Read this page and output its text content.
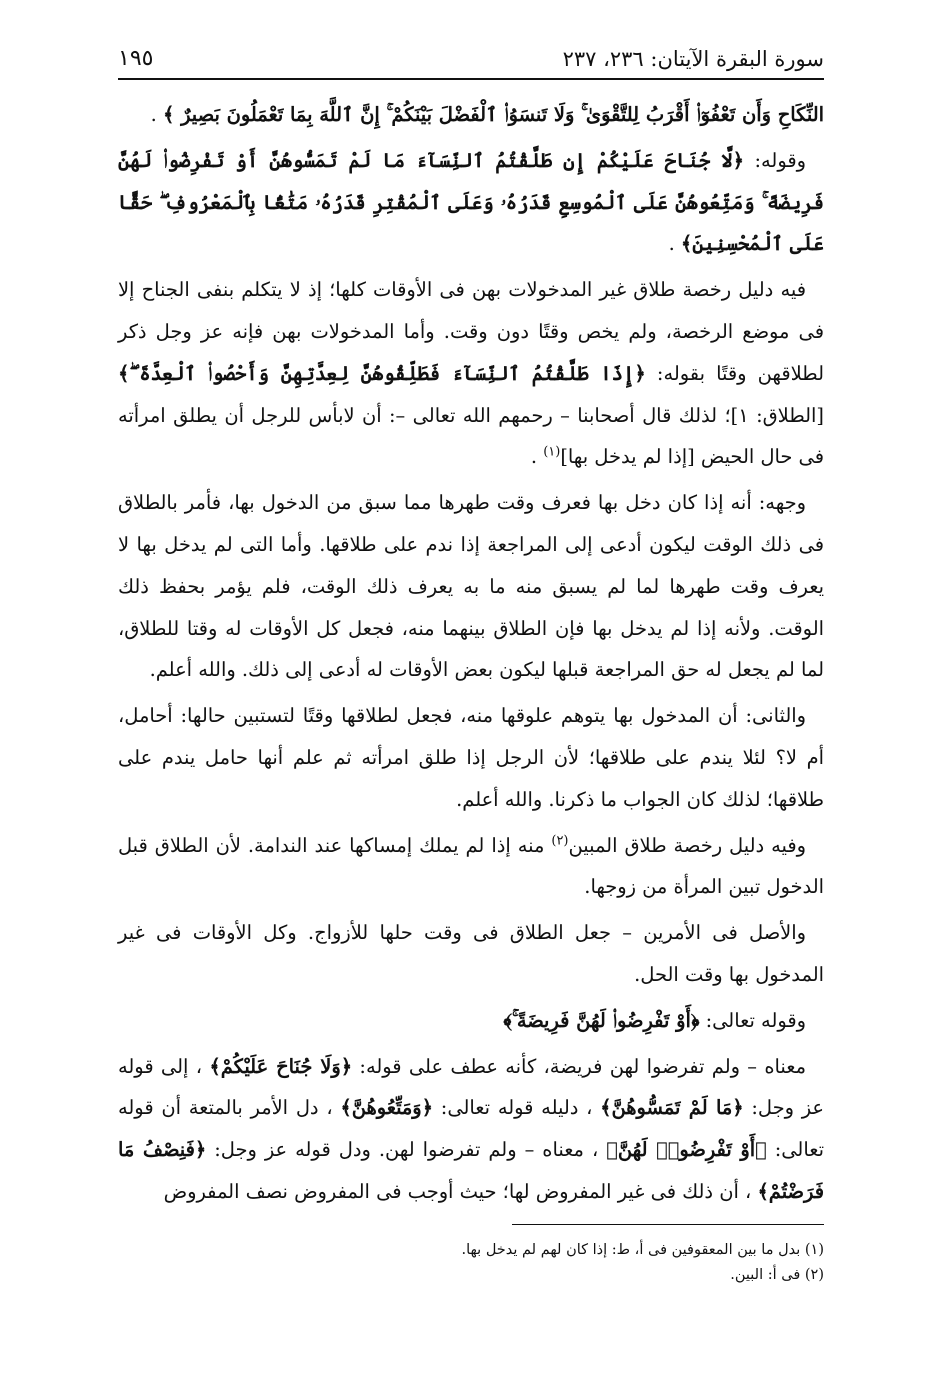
سورة البقرة الآيتان: ٢٣٦، ٢٣٧
١٩٥

النِّكَاحِ وَأَن تَعْفُوٓا۟ أَقْرَبُ لِلتَّقْوَىٰ ۚ وَلَا تَنسَوُا۟ ٱلْفَضْلَ بَيْنَكُمْ ۚ إِنَّ ٱللَّهَ بِمَا تَعْمَلُونَ بَصِيرٌ ﴾ .

وقوله: ﴿لَّا جُنَاحَ عَلَيْكُمْ إِن طَلَّقْتُمُ ٱلنِّسَآءَ مَا لَمْ تَمَسُّوهُنَّ أَوْ تَفْرِضُوا۟ لَهُنَّ فَرِيضَةً ۚ وَمَتِّعُوهُنَّ عَلَى ٱلْمُوسِعِ قَدَرُهُۥ وَعَلَى ٱلْمُقْتِرِ قَدَرُهُۥ مَتَٰعًۢا بِٱلْمَعْرُوفِ ۖ حَقًّا عَلَى ٱلْمُحْسِنِينَ﴾ .

فيه دليل رخصة طلاق غير المدخولات بهن فى الأوقات كلها؛ إذ لا يتكلم بنفى الجناح إلا فى موضع الرخصة، ولم يخص وقتًا دون وقت. وأما المدخولات بهن فإنه عز وجل ذكر لطلاقهن وقتًا بقوله: ﴿إِذَا طَلَّقْتُمُ ٱلنِّسَآءَ فَطَلِّقُوهُنَّ لِعِدَّتِهِنَّ وَأَحْصُوا۟ ٱلْعِدَّةَ ۖ﴾ [الطلاق: ١]؛ لذلك قال أصحابنا – رحمهم الله تعالى –: أن لابأس للرجل أن يطلق امرأته فى حال الحيض [إذا لم يدخل بها]$^{(١)}$ .

وجهه: أنه إذا كان دخل بها فعرف وقت طهرها مما سبق من الدخول بها، فأمر بالطلاق فى ذلك الوقت ليكون أدعى إلى المراجعة إذا ندم على طلاقها. وأما التى لم يدخل بها لا يعرف وقت طهرها لما لم يسبق منه ما به يعرف ذلك الوقت، فلم يؤمر بحفظ ذلك الوقت. ولأنه إذا لم يدخل بها فإن الطلاق بينهما منه، فجعل كل الأوقات له وقتا للطلاق، لما لم يجعل له حق المراجعة قبلها ليكون بعض الأوقات له أدعى إلى ذلك. والله أعلم.

والثانى: أن المدخول بها يتوهم علوقها منه، فجعل لطلاقها وقتًا لتستبين حالها: أحامل، أم لا؟ لئلا يندم على طلاقها؛ لأن الرجل إذا طلق امرأته ثم علم أنها حامل يندم على طلاقها؛ لذلك كان الجواب ما ذكرنا. والله أعلم.

وفيه دليل رخصة طلاق المبين$^{(٢)}$ منه إذا لم يملك إمساكها عند الندامة. لأن الطلاق قبل الدخول تبين المرأة من زوجها.

والأصل فى الأمرين – جعل الطلاق فى وقت حلها للأزواج. وكل الأوقات فى غير المدخول بها وقت الحل.

وقوله تعالى: ﴿أَوْ تَفْرِضُوا۟ لَهُنَّ فَرِيضَةً ۚ﴾

معناه – ولم تفرضوا لهن فريضة، كأنه عطف على قوله: ﴿وَلَا جُنَاحَ عَلَيْكُمْ﴾ ، إلى قوله عز وجل: ﴿مَا لَمْ تَمَسُّوهُنَّ﴾ ، دليله قوله تعالى: ﴿وَمَتِّعُوهُنَّ﴾ ، دل الأمر بالمتعة أن قوله تعالى: ﴿أَوْ تَفْرِضُوا۟ لَهُنَّ﴾ ، معناه – ولم تفرضوا لهن. ودل قوله عز وجل: ﴿فَنِصْفُ مَا فَرَضْتُمْ﴾ ، أن ذلك فى غير المفروض لها؛ حيث أوجب فى المفروض نصف المفروض

(١) بدل ما بين المعقوفين فى أ، ط: إذا كان لهم لم يدخل بها.

(٢) فى أ: البين.
